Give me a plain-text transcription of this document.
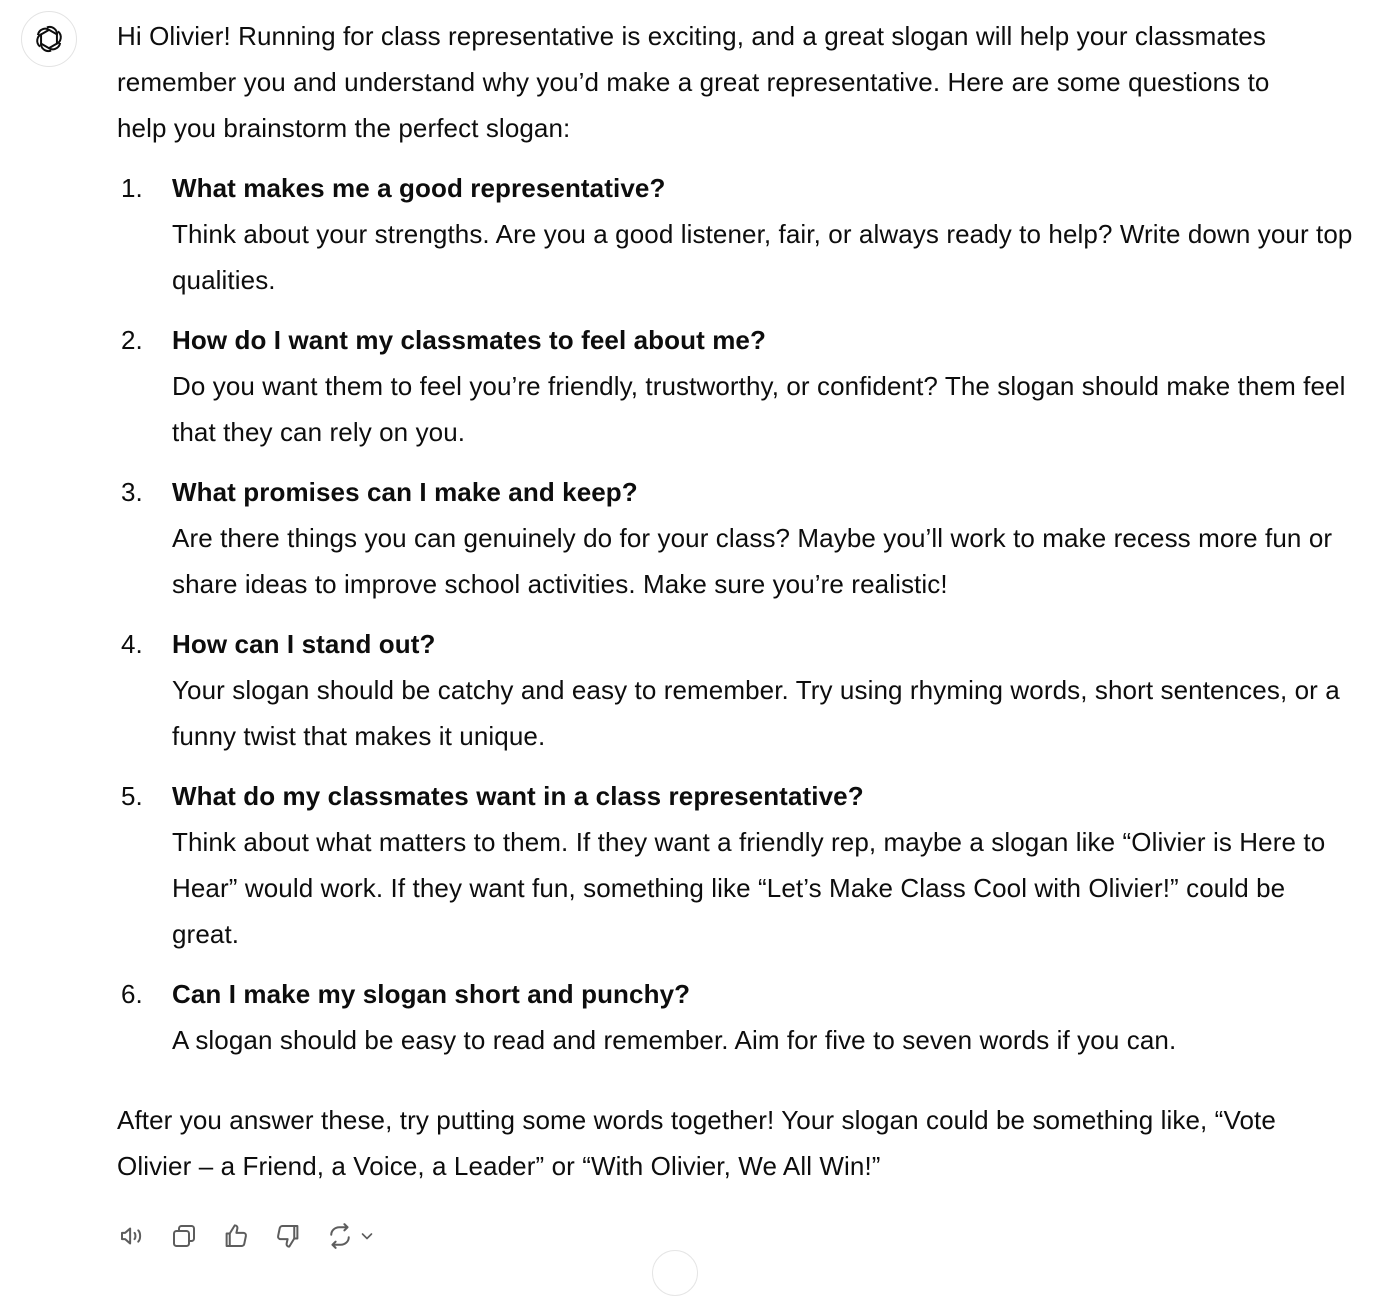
Hi Olivier! Running for class representative is exciting, and a great slogan will help your classmates remember you and understand why you’d make a great representative. Here are some questions to help you brainstorm the perfect slogan:

1. What makes me a good representative?
Think about your strengths. Are you a good listener, fair, or always ready to help? Write down your top qualities.
2. How do I want my classmates to feel about me?
Do you want them to feel you’re friendly, trustworthy, or confident? The slogan should make them feel that they can rely on you.
3. What promises can I make and keep?
Are there things you can genuinely do for your class? Maybe you’ll work to make recess more fun or share ideas to improve school activities. Make sure you’re realistic!
4. How can I stand out?
Your slogan should be catchy and easy to remember. Try using rhyming words, short sentences, or a funny twist that makes it unique.
5. What do my classmates want in a class representative?
Think about what matters to them. If they want a friendly rep, maybe a slogan like “Olivier is Here to Hear” would work. If they want fun, something like “Let’s Make Class Cool with Olivier!” could be great.
6. Can I make my slogan short and punchy?
A slogan should be easy to read and remember. Aim for five to seven words if you can.

After you answer these, try putting some words together! Your slogan could be something like, “Vote Olivier – a Friend, a Voice, a Leader” or “With Olivier, We All Win!”
